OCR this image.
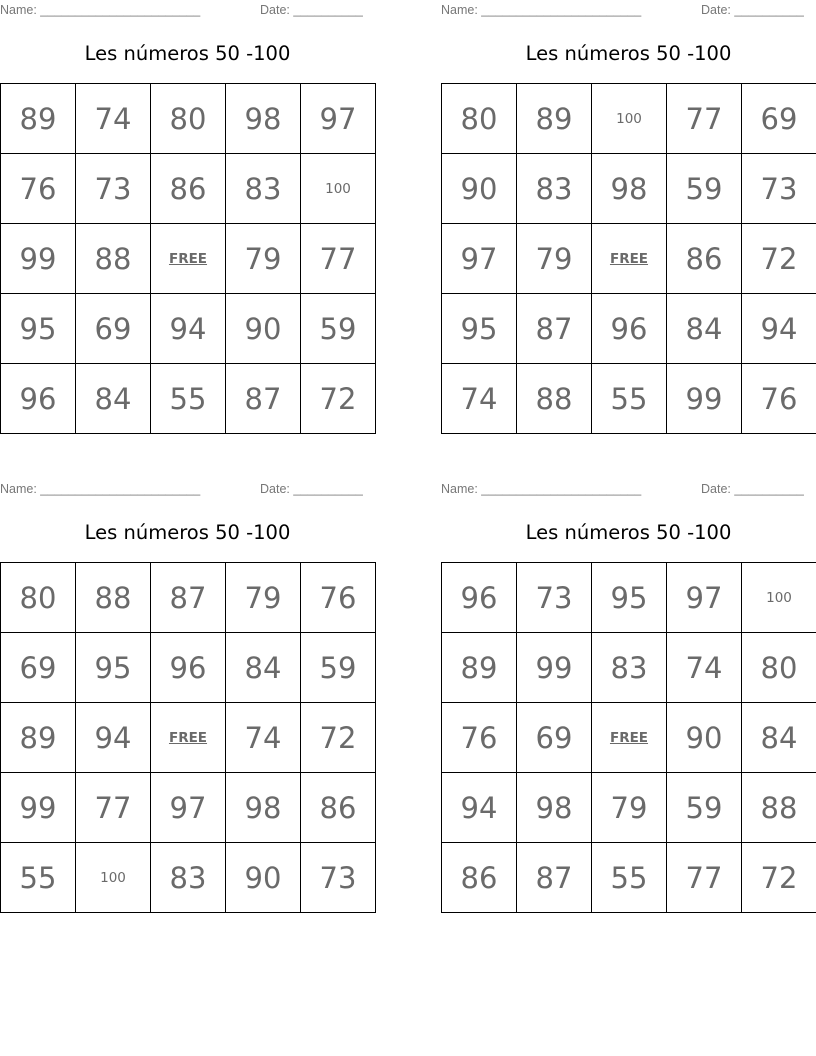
Name: _______________________	Date: __________
Les números 50 -100
89	74	80	98	97
76	73	86	83	100
99	88	FREE	79	77
95	69	94	90	59
96	84	55	87	72
Name: _______________________	Date: __________
Les números 50 -100
80	89	100	77	69
90	83	98	59	73
97	79	FREE	86	72
95	87	96	84	94
74	88	55	99	76
Name: _______________________	Date: __________
Les números 50 -100
80	88	87	79	76
69	95	96	84	59
89	94	FREE	74	72
99	77	97	98	86
55	100	83	90	73
Name: _______________________	Date: __________
Les números 50 -100
96	73	95	97	100
89	99	83	74	80
76	69	FREE	90	84
94	98	79	59	88
86	87	55	77	72
